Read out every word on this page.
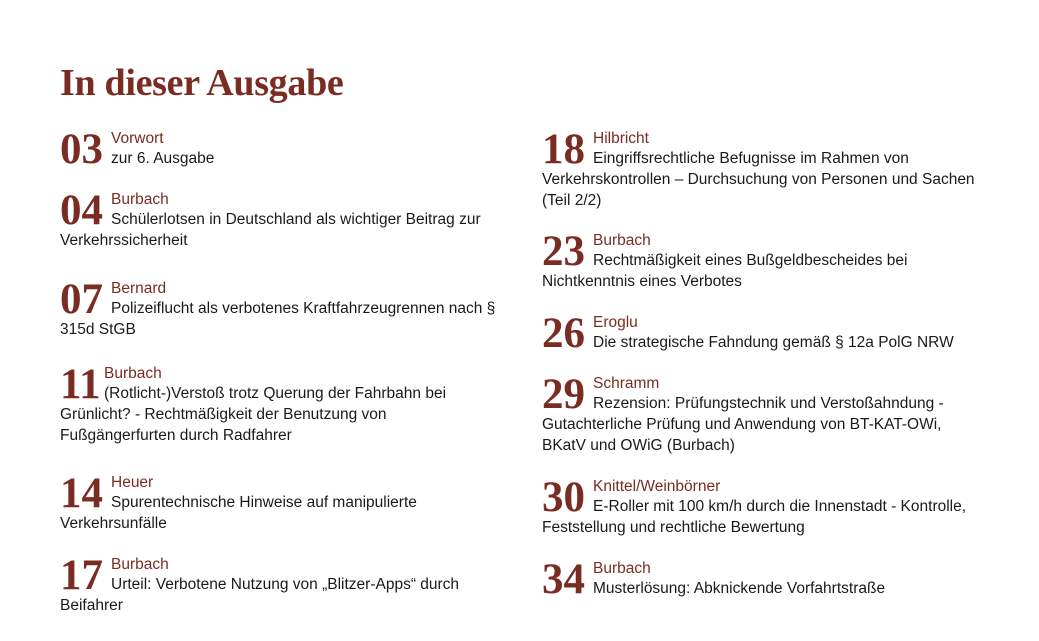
In dieser Ausgabe
03 Vorwort
zur 6. Ausgabe
04 Burbach
Schülerlotsen in Deutschland als wichtiger Beitrag zur Verkehrssicherheit
07 Bernard
Polizeiflucht als verbotenes Kraftfahrzeugrennen nach § 315d StGB
11 Burbach
(Rotlicht-)Verstoß trotz Querung der Fahrbahn bei Grünlicht? - Rechtmäßigkeit der Benutzung von Fußgängerfurten durch Radfahrer
14 Heuer
Spurentechnische Hinweise auf manipulierte Verkehrsunfälle
17 Burbach
Urteil: Verbotene Nutzung von „Blitzer-Apps“ durch Beifahrer
18 Hilbricht
Eingriffsrechtliche Befugnisse im Rahmen von Verkehrskontrollen – Durchsuchung von Personen und Sachen (Teil 2/2)
23 Burbach
Rechtmäßigkeit eines Bußgeldbescheides bei Nichtkenntnis eines Verbotes
26 Eroglu
Die strategische Fahndung gemäß § 12a PolG NRW
29 Schramm
Rezension: Prüfungstechnik und Verstoßahndung - Gutachterliche Prüfung und Anwendung von BT-KAT-OWi, BKatV und OWiG (Burbach)
30 Knittel/Weinbörner
E-Roller mit 100 km/h durch die Innenstadt - Kontrolle, Feststellung und rechtliche Bewertung
34 Burbach
Musterlösung: Abknickende Vorfahrtstraße
